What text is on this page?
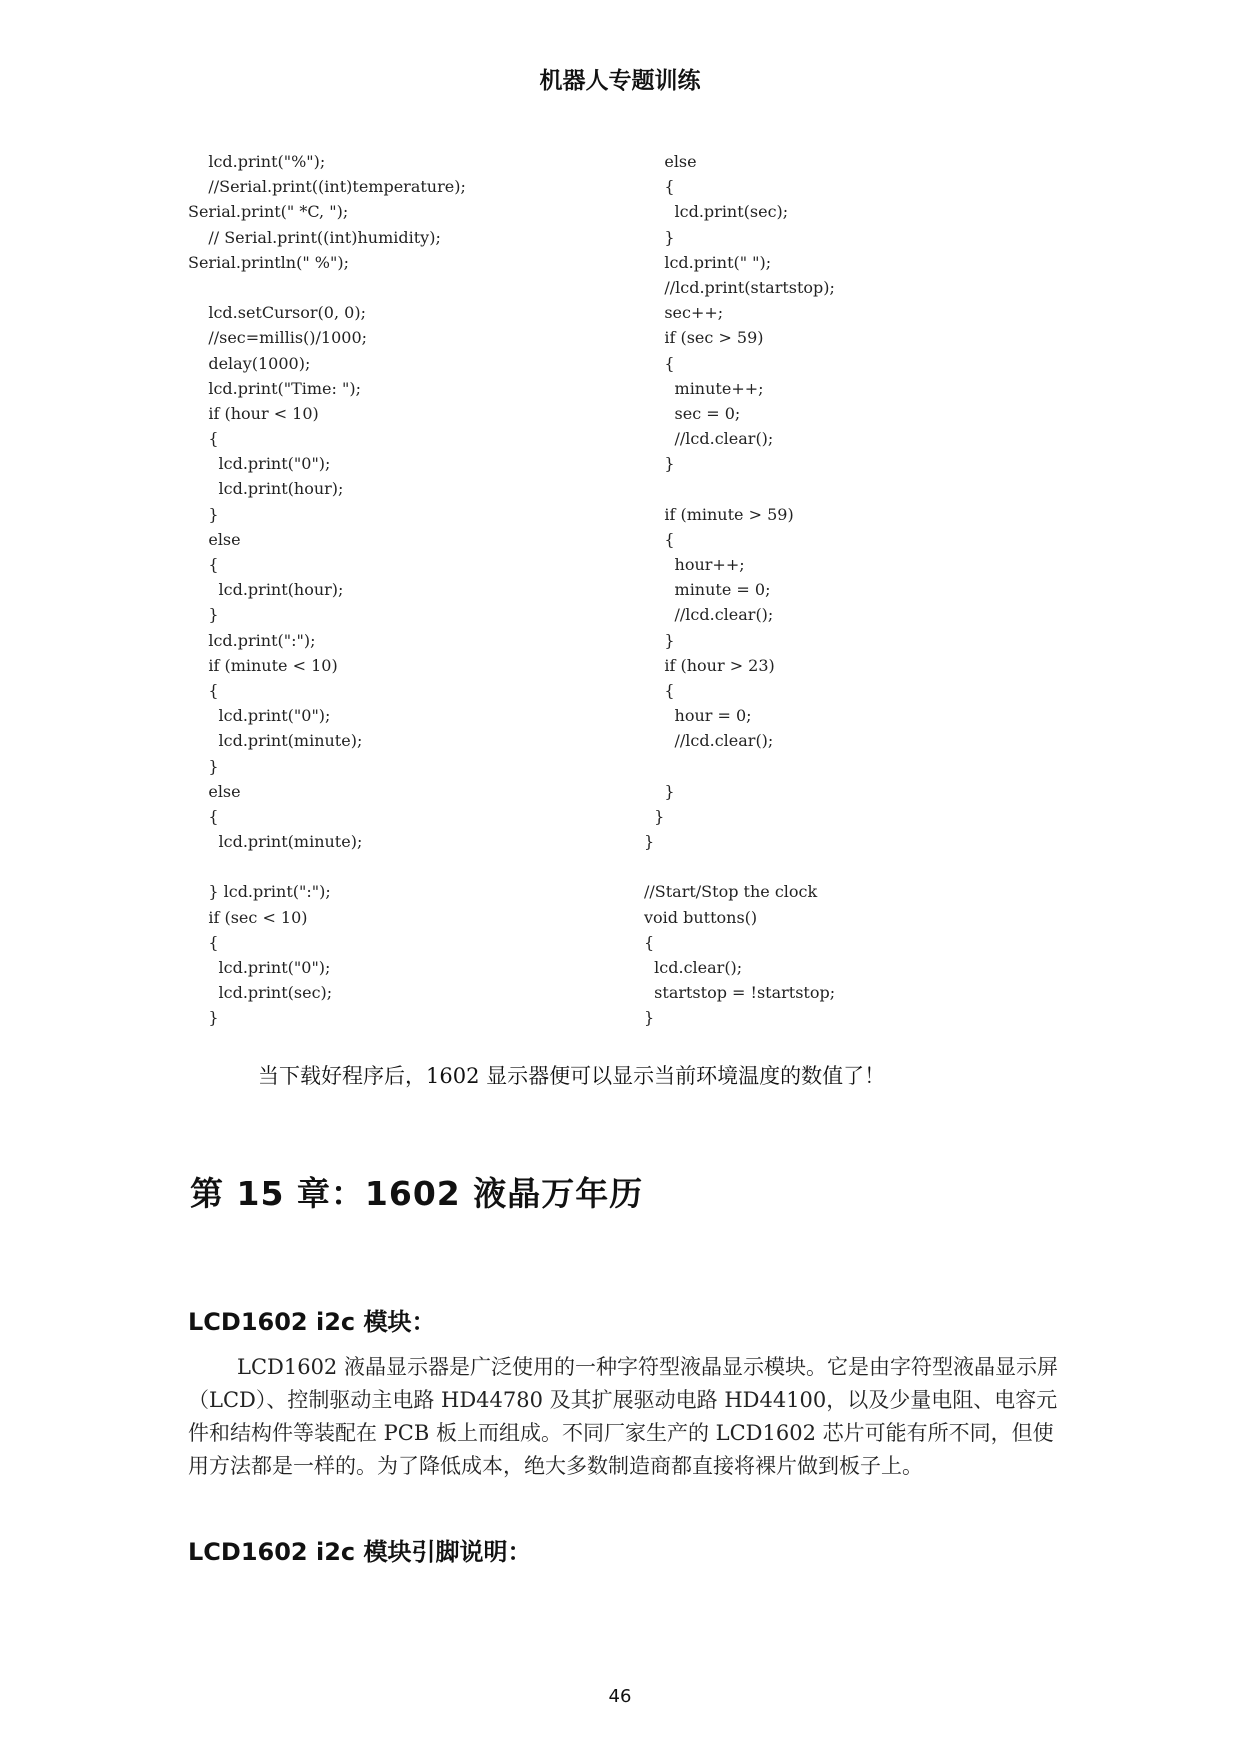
机器人专题训练
lcd.print("%");
//Serial.print((int)temperature);
Serial.print(" *C, ");
// Serial.print((int)humidity);
Serial.println(" %");
lcd.setCursor(0, 0);
//sec=millis()/1000;
delay(1000);
lcd.print("Time: ");
if (hour < 10)
{
lcd.print("0");
lcd.print(hour);
}
else
{
lcd.print(hour);
}
lcd.print(":");
if (minute < 10)
{
lcd.print("0");
lcd.print(minute);
}
else
{
lcd.print(minute);
} lcd.print(":");
if (sec < 10)
{
lcd.print("0");
lcd.print(sec);
}
else
{
lcd.print(sec);
}
lcd.print(" ");
//lcd.print(startstop);
sec++;
if (sec > 59)
{
minute++;
sec = 0;
//lcd.clear();
}
if (minute > 59)
{
hour++;
minute = 0;
//lcd.clear();
}
if (hour > 23)
{
hour = 0;
//lcd.clear();
}
}
}
//Start/Stop the clock
void buttons()
{
lcd.clear();
startstop = !startstop;
}
当下载好程序后，1602 显示器便可以显示当前环境温度的数值了！
第 15 章：1602 液晶万年历
LCD1602 i2c 模块：

LCD1602 液晶显示器是广泛使用的一种字符型液晶显示模块。它是由字符型液晶显示屏（LCD）、控制驱动主电路 HD44780 及其扩展驱动电路 HD44100，以及少量电阻、电容元件和结构件等装配在 PCB 板上而组成。不同厂家生产的 LCD1602 芯片可能有所不同，但使用方法都是一样的。为了降低成本，绝大多数制造商都直接将裸片做到板子上。

LCD1602 i2c 模块引脚说明：
46
